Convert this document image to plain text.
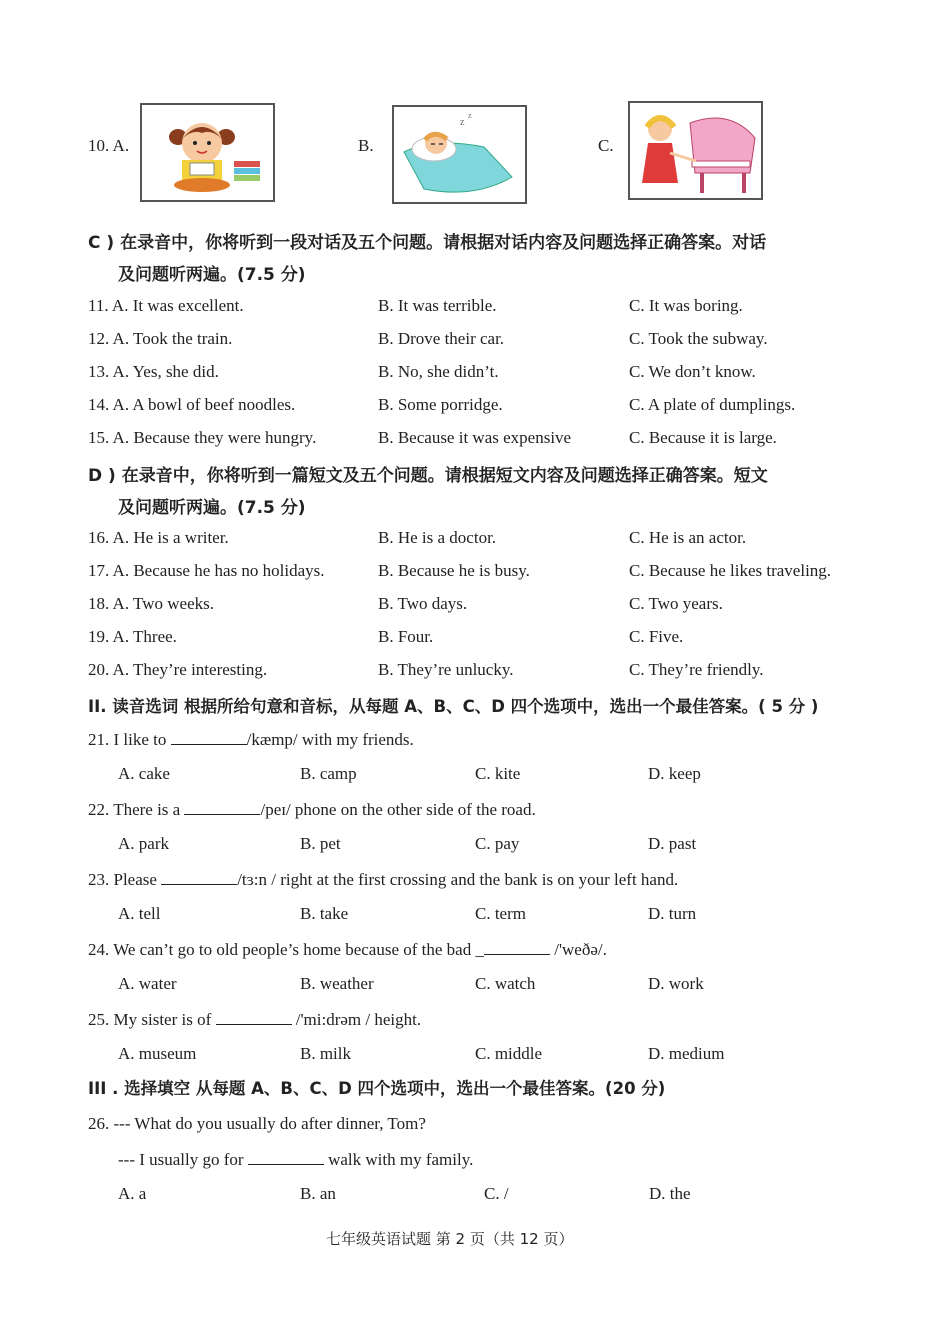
10. A.	B.
z
z
C.
C ) 在录音中，你将听到一段对话及五个问题。请根据对话内容及问题选择正确答案。对话
及问题听两遍。(7.5 分)
11. A. It was excellent.	B. It was terrible.	C. It was boring.
12. A. Took the train.	B. Drove their car.	C. Took the subway.
13. A. Yes, she did.	B. No, she didn’t.	C. We don’t know.
14. A. A bowl of beef noodles.	B. Some porridge.	C. A plate of dumplings.
15. A. Because they were hungry.	B. Because it was expensive	C. Because it is large.
D ) 在录音中，你将听到一篇短文及五个问题。请根据短文内容及问题选择正确答案。短文
及问题听两遍。(7.5 分)
16. A. He is a writer.	B. He is a doctor.	C. He is an actor.
17. A. Because he has no holidays.	B. Because he is busy.	C. Because he likes traveling.
18. A. Two weeks.	B. Two days.	C. Two years.
19. A. Three.	B. Four.	C. Five.
20. A. They’re interesting.	B. They’re unlucky.	C. They’re friendly.
II. 读音选词 根据所给句意和音标，从每题 A、B、C、D 四个选项中，选出一个最佳答案。( 5 分 )
21. I like to	/kæmp/ with my friends.
A. cake	B. camp	C. kite	D. keep
22. There is a	/peɪ/ phone on the other side of the road.
A. park	B. pet	C. pay	D. past
23. Please	/tɜ:n / right at the first crossing and the bank is on your left hand.
A. tell	B. take	C. term	D. turn
24. We can’t go to old people’s home because of the bad _	/'weðə/.
A. water	B. weather	C. watch	D. work
25. My sister is of	/'mi:drəm / height.
A. museum	B. milk	C. middle	D. medium
III . 选择填空 从每题 A、B、C、D 四个选项中，选出一个最佳答案。(20 分)
26. --- What do you usually do after dinner, Tom?
--- I usually go for	walk with my family.
A. a	B. an	C. /	D. the
七年级英语试题 第 2 页（共 12 页）
